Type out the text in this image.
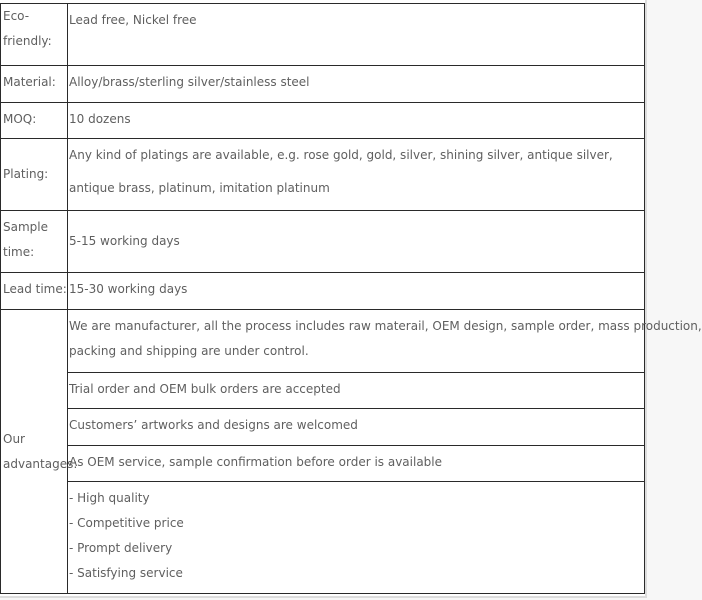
Eco-
friendly:	Lead free, Nickel free

Material:	Alloy/brass/sterling silver/stainless steel

MOQ:	10 dozens

Plating:	Any kind of platings are available, e.g. rose gold, gold, silver, shining silver, antique silver,
antique brass, platinum, imitation platinum

Sample
time:	5-15 working days

Lead time:	15-30 working days

Our
advantages:	We are manufacturer, all the process includes raw materail, OEM design, sample order, mass production,
packing and shipping are under control.

	Trial order and OEM bulk orders are accepted

	Customers’ artworks and designs are welcomed

	As OEM service, sample confirmation before order is available

	- High quality
- Competitive price
- Prompt delivery
- Satisfying service
